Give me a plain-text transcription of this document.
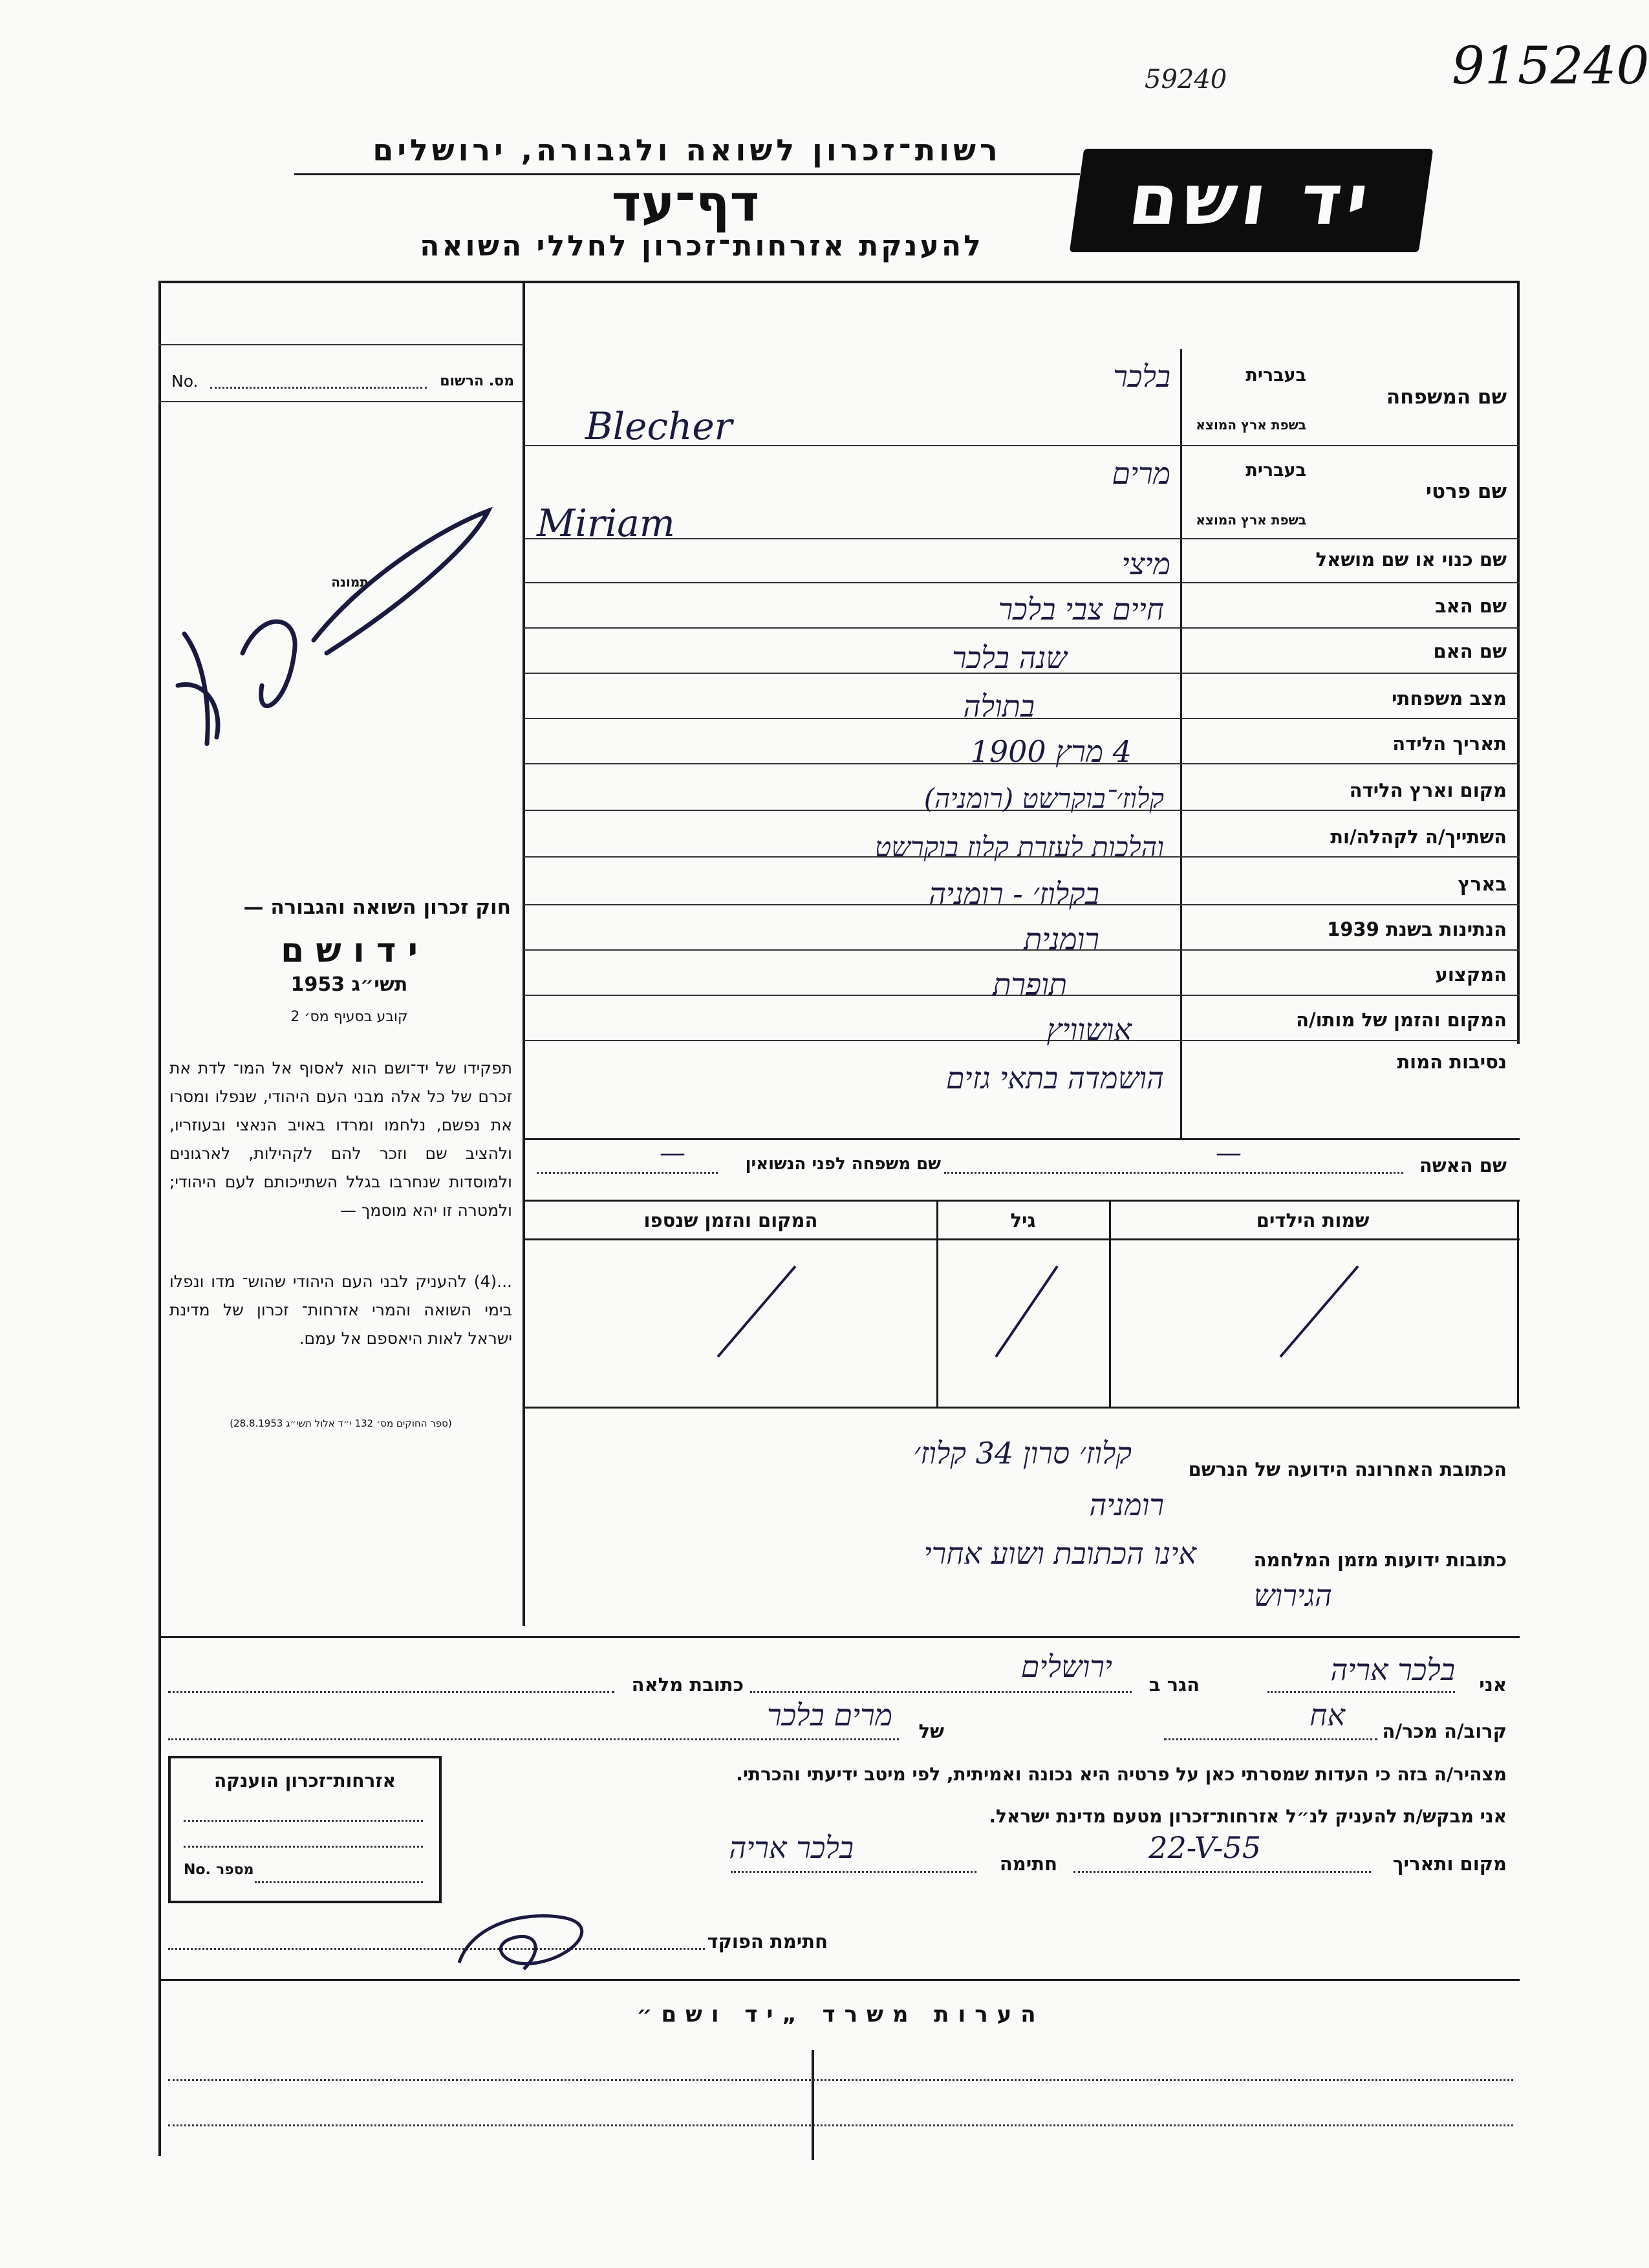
59240	915240
רשות־זכרון לשואה ולגבורה, ירושלים
דף־עד
להענקת אזרחות־זכרון לחללי השואה
יד ושם
No.	מס. הרשום
תמונה
שם המשפחה
בעברית
בשפת ארץ המוצא
שם פרטי
בעברית
בשפת ארץ המוצא
שם כנוי או שם מושאל
שם האב
שם האם
מצב משפחתי
תאריך הלידה
מקום וארץ הלידה
השתייך/ה לקהלה/ות
בארץ
הנתינות בשנת 1939
המקצוע
המקום והזמן של מותו/ה
נסיבות המות
בלכר
Blecher
מרים
Miriam
מיצי
חיים צבי בלכר
שנה בלכר
בתולה
4 מרץ 1900
קלוז׳־בוקרשט (רומניה)
והלכות לעזרת קלוז בוקרשט
בקלוז׳ - רומניה
רומנית
תופרת
אושוויץ
הושמדה בתאי גזים
חוק זכרון השואה והגבורה —
י ד ו ש ם
תשי״ג 1953
קובע בסעיף מס׳ 2
תפקידו של יד־ושם הוא לאסוף אל המו־ לדת את זכרם של כל אלה מבני העם היהודי, שנפלו ומסרו את נפשם, נלחמו ומרדו באויב הנאצי ובעוזריו, ולהציב שם וזכר להם לקהילות, לארגונים ולמוסדות שנחרבו בגלל השתייכותם לעם היהודי; ולמטרה זו יהא מוסמך —
...(4) להעניק לבני העם היהודי שהוש־ מדו ונפלו בימי השואה והמרי אזרחות־ זכרון של מדינת ישראל לאות היאספם אל עמם.
(ספר החוקים מס׳ 132 י״ד אלול תשי״ג 28.8.1953)
שם האשה
—
שם משפחה לפני הנשואין
—
שמות הילדים
גיל
המקום והזמן שנספו
הכתובת האחרונה הידועה של הנרשם
קלוז׳ סרון 34 קלוז׳
רומניה
כתובות ידועות מזמן המלחמה
אינו הכתובת ושוע אחרי
הגירוש
אני
בלכר אריה
הגר ב
ירושלים
כתובת מלאה
קרוב/ה מכר/ה
אח
של
מרים בלכר
מצהיר/ה בזה כי העדות שמסרתי כאן על פרטיה היא נכונה ואמיתית, לפי מיטב ידיעתי והכרתי.
אני מבקש/ת להעניק לנ״ל אזרחות־זכרון מטעם מדינת ישראל.
מקום ותאריך
22-V-55
חתימה
בלכר אריה
אזרחות־זכרון הוענקה
No. מספר
חתימת הפוקד
הערות משרד „יד ושם״
